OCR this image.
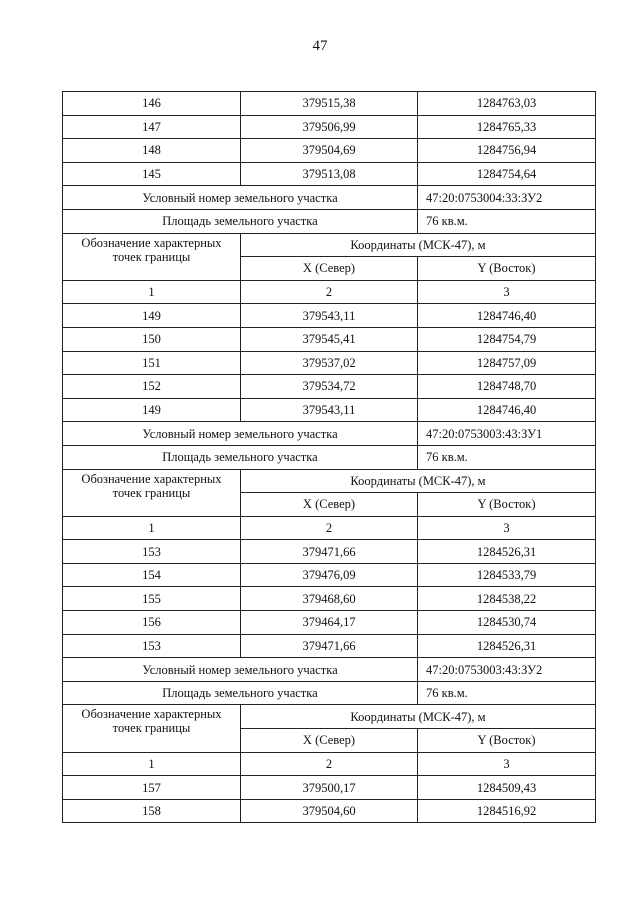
47
146	379515,38	1284763,03
147	379506,99	1284765,33
148	379504,69	1284756,94
145	379513,08	1284754,64
Условный номер земельного участка		47:20:0753004:33:ЗУ2
Площадь земельного участка		76 кв.м.
Обозначение характерных точек границы	Координаты (МСК-47), м	
	X (Север)	Y (Восток)
1	2	3
149	379543,11	1284746,40
150	379545,41	1284754,79
151	379537,02	1284757,09
152	379534,72	1284748,70
149	379543,11	1284746,40
Условный номер земельного участка		47:20:0753003:43:ЗУ1
Площадь земельного участка		76 кв.м.
Обозначение характерных точек границы	Координаты (МСК-47), м	
	X (Север)	Y (Восток)
1	2	3
153	379471,66	1284526,31
154	379476,09	1284533,79
155	379468,60	1284538,22
156	379464,17	1284530,74
153	379471,66	1284526,31
Условный номер земельного участка		47:20:0753003:43:ЗУ2
Площадь земельного участка		76 кв.м.
Обозначение характерных точек границы	Координаты (МСК-47), м	
	X (Север)	Y (Восток)
1	2	3
157	379500,17	1284509,43
158	379504,60	1284516,92
